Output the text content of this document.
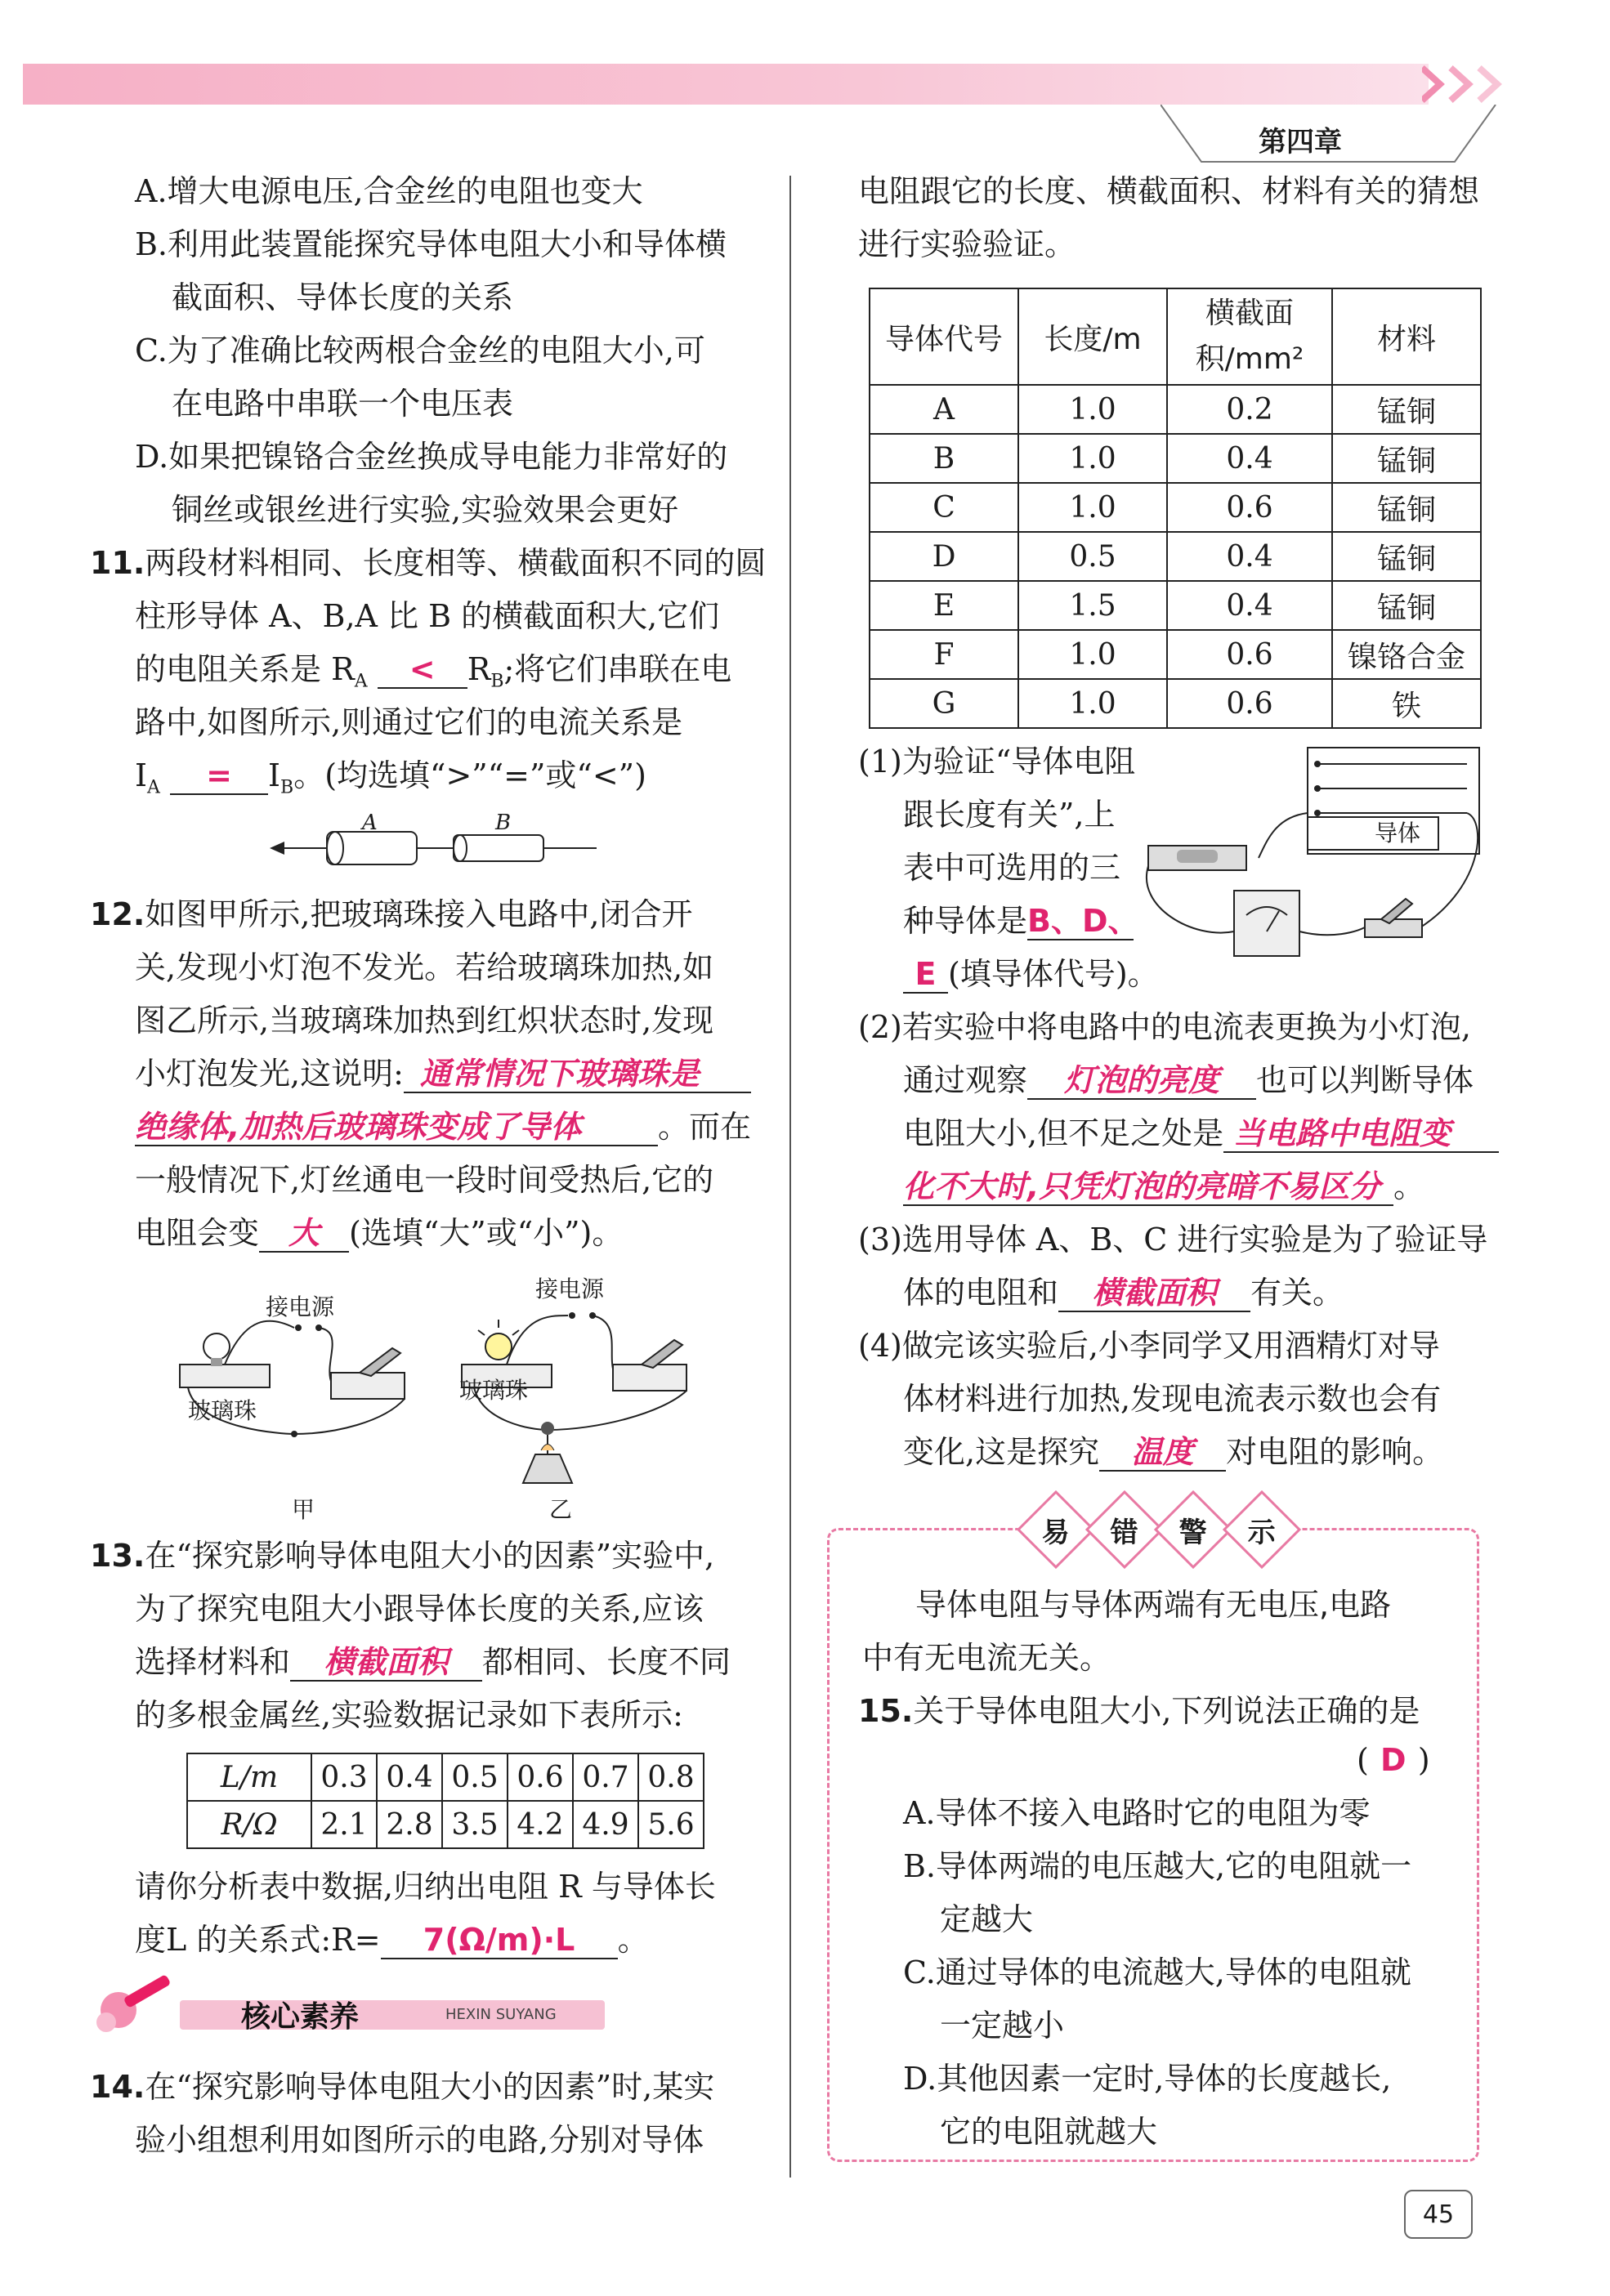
第四章
A.增大电源电压,合金丝的电阻也变大
B.利用此装置能探究导体电阻大小和导体横
截面积、导体长度的关系
C.为了准确比较两根合金丝的电阻大小,可
在电路中串联一个电压表
D.如果把镍铬合金丝换成导电能力非常好的
铜丝或银丝进行实验,实验效果会更好
11.两段材料相同、长度相等、横截面积不同的圆
柱形导体 A、B,A 比 B 的横截面积大,它们
的电阻关系是 $R_A < R_B$;将它们串联在电
路中,如图所示,则通过它们的电流关系是
$I_A = I_B$。(均选填“>”“=”或“<”)
A	B
12.如图甲所示,把玻璃珠接入电路中,闭合开
关,发现小灯泡不发光。若给玻璃珠加热,如
图乙所示,当玻璃珠加热到红炽状态时,发现
小灯泡发光,这说明: 通常情况下玻璃珠是
绝缘体,加热后玻璃珠变成了导体 。而在
一般情况下,灯丝通电一段时间受热后,它的
电阻会变 大 (选填“大”或“小”)。
接电源
接电源
玻璃珠
玻璃珠
甲	乙
13.在“探究影响导体电阻大小的因素”实验中,
为了探究电阻大小跟导体长度的关系,应该
选择材料和 横截面积 都相同、长度不同
的多根金属丝,实验数据记录如下表所示:
L/m	0.3	0.4	0.5	0.6	0.7	0.8
R/Ω	2.1	2.8	3.5	4.2	4.9	5.6
请你分析表中数据,归纳出电阻 R 与导体长
度L 的关系式:R= 7(Ω/m)·L 。
核心素养	HEXIN SUYANG
14.在“探究影响导体电阻大小的因素”时,某实
验小组想利用如图所示的电路,分别对导体
电阻跟它的长度、横截面积、材料有关的猜想
进行实验验证。
导体代号	长度/m	横截面积/mm²	材料
A	1.0	0.2	锰铜
B	1.0	0.4	锰铜
C	1.0	0.6	锰铜
D	0.5	0.4	锰铜
E	1.5	0.4	锰铜
F	1.0	0.6	镍铬合金
G	1.0	0.6	铁
导体
(1)为验证“导体电阻
跟长度有关”,上
表中可选用的三
种导体是B、D、
E (填导体代号)。
(2)若实验中将电路中的电流表更换为小灯泡,
通过观察 灯泡的亮度 也可以判断导体
电阻大小,但不足之处是 当电路中电阻变
化不大时,只凭灯泡的亮暗不易区分 。
(3)选用导体 A、B、C 进行实验是为了验证导
体的电阻和 横截面积 有关。
(4)做完该实验后,小李同学又用酒精灯对导
体材料进行加热,发现电流表示数也会有
变化,这是探究 温度 对电阻的影响。
易 错 警 示
导体电阻与导体两端有无电压,电路
中有无电流无关。
15.关于导体电阻大小,下列说法正确的是
( D )
A.导体不接入电路时它的电阻为零
B.导体两端的电压越大,它的电阻就一
定越大
C.通过导体的电流越大,导体的电阻就
一定越小
D.其他因素一定时,导体的长度越长,
它的电阻就越大
45
